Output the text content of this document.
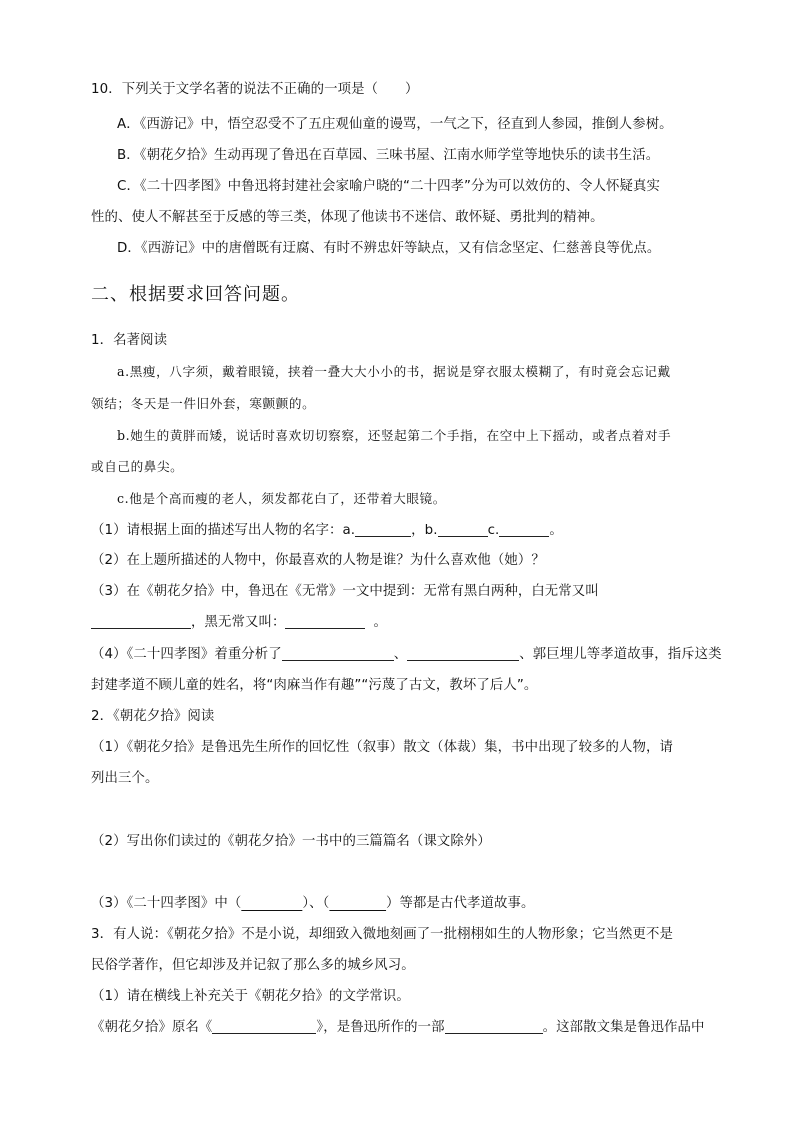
10．下列关于文学名著的说法不正确的一项是（　　）
A．《西游记》中，悟空忍受不了五庄观仙童的谩骂，一气之下，径直到人参园，推倒人参树。
B．《朝花夕拾》生动再现了鲁迅在百草园、三味书屋、江南水师学堂等地快乐的读书生活。
C．《二十四孝图》中鲁迅将封建社会家喻户晓的“二十四孝”分为可以效仿的、令人怀疑真实
性的、使人不解甚至于反感的等三类，体现了他读书不迷信、敢怀疑、勇批判的精神。
D．《西游记》中的唐僧既有迂腐、有时不辨忠奸等缺点，又有信念坚定、仁慈善良等优点。
二、根据要求回答问题。
1．名著阅读
a.黑瘦，八字须，戴着眼镜，挟着一叠大大小小的书，据说是穿衣服太模糊了，有时竟会忘记戴
领结；冬天是一件旧外套，寒颤颤的。
b.她生的黄胖而矮，说话时喜欢切切察察，还竖起第二个手指，在空中上下摇动，或者点着对手
或自己的鼻尖。
c.他是个高而瘦的老人，须发都花白了，还带着大眼镜。
（1）请根据上面的描述写出人物的名字：a.	，b.	c.	。
（2）在上题所描述的人物中，你最喜欢的人物是谁？为什么喜欢他（她）？
（3）在《朝花夕拾》中，鲁迅在《无常》一文中提到：无常有黑白两种，白无常又叫
，黑无常又叫：	。
（4）《二十四孝图》着重分析了	、	、郭巨埋儿等孝道故事，指斥这类
封建孝道不顾儿童的姓名，将“肉麻当作有趣”“污蔑了古文，教坏了后人”。
2．《朝花夕拾》阅读
（1）《朝花夕拾》是鲁迅先生所作的回忆性（叙事）散文（体裁）集，书中出现了较多的人物，请
列出三个。
（2）写出你们读过的《朝花夕拾》一书中的三篇篇名（课文除外）
（3）《二十四孝图》中（	）、（	）等都是古代孝道故事。
3．有人说：《朝花夕拾》不是小说，却细致入微地刻画了一批栩栩如生的人物形象；它当然更不是
民俗学著作，但它却涉及并记叙了那么多的城乡风习。
（1）请在横线上补充关于《朝花夕拾》的文学常识。
《朝花夕拾》原名《	》，是鲁迅所作的一部	。这部散文集是鲁迅作品中
